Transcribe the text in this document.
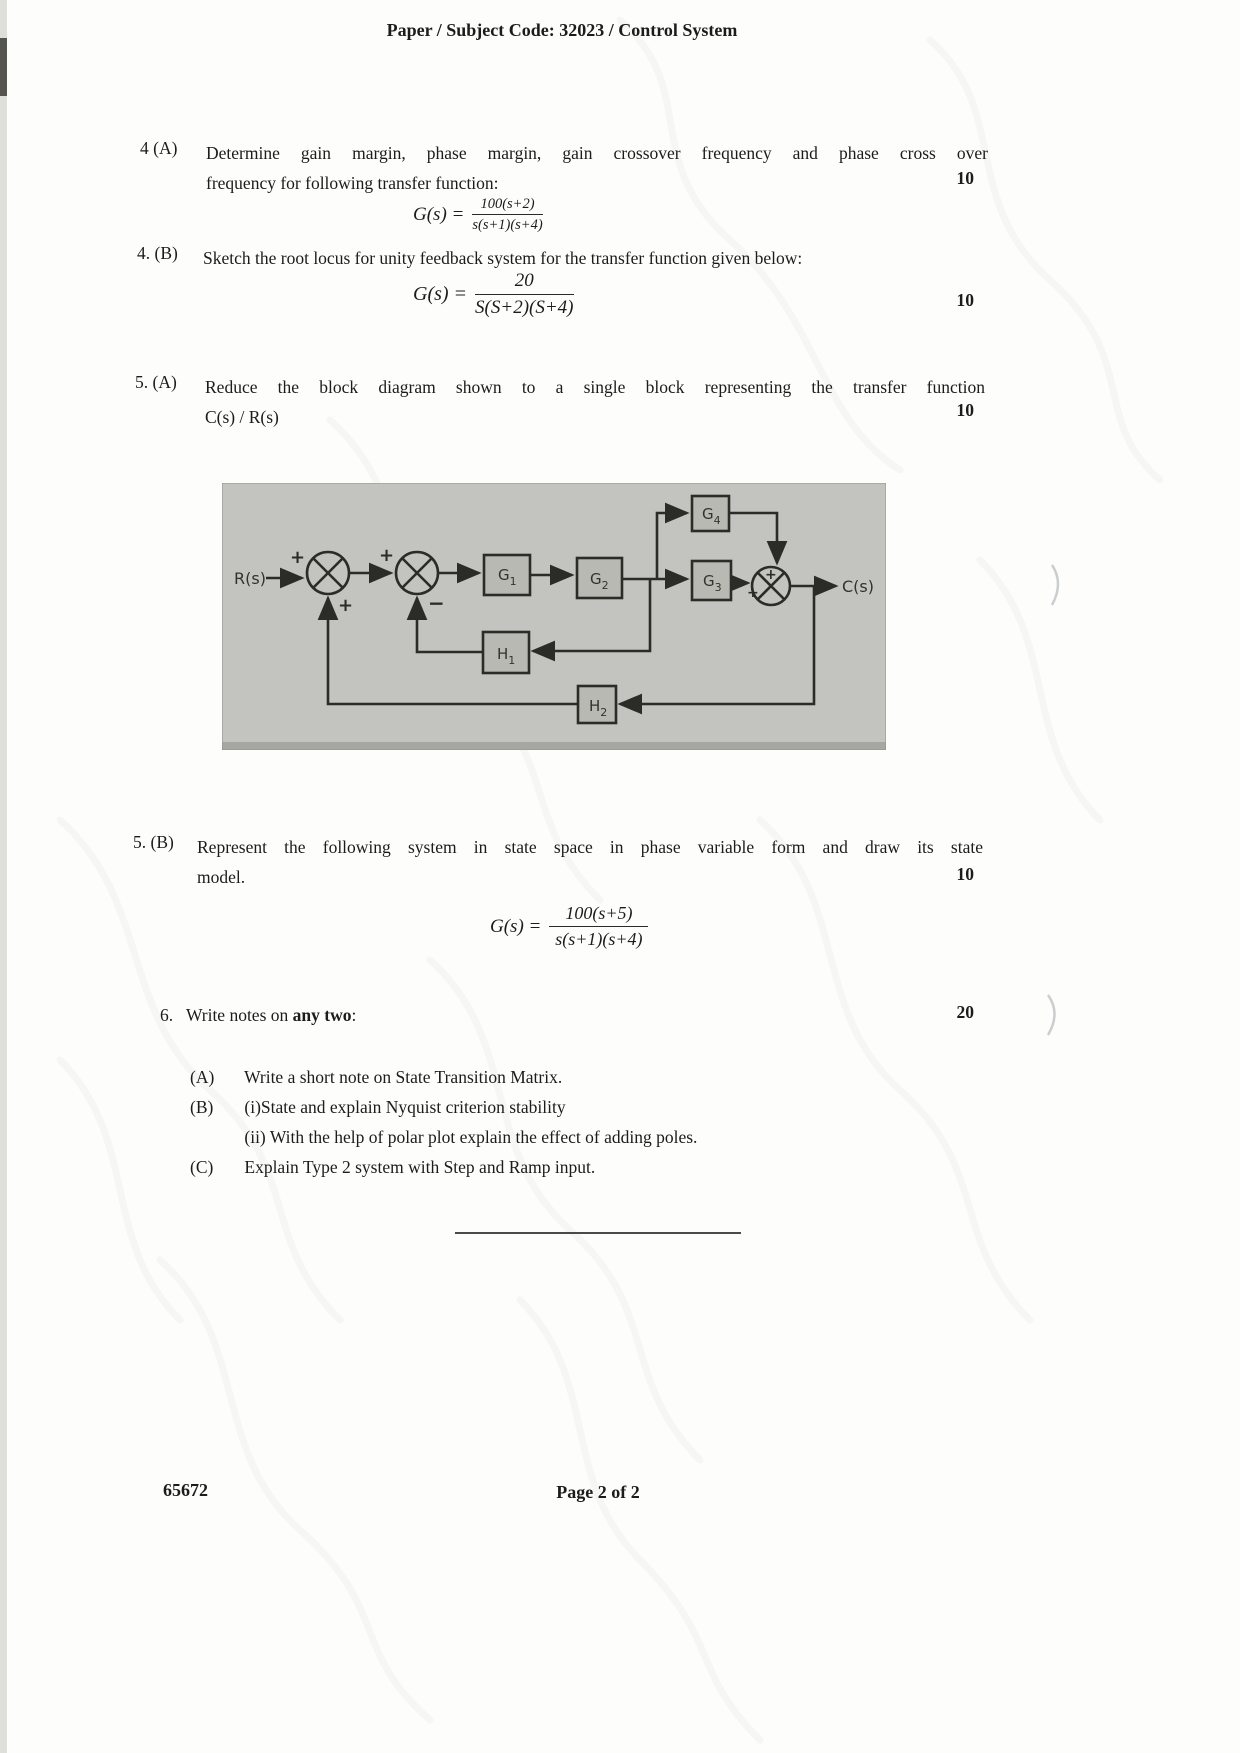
Paper / Subject Code: 32023 / Control System
4 (A)	Determine gain margin, phase margin, gain crossover frequency and phase cross over
frequency for following transfer function:	10
$G(s) = \frac{100(s+2)}{s(s+1)(s+4)}$
4. (B)	Sketch the root locus for unity feedback system for the transfer function given below:
10
$G(s) = \frac{20}{S(S+2)(S+4)}$
5. (A)	Reduce the block diagram shown to a single block representing the transfer function
C(s) / R(s)	10
R(s)	C(s)
$G_1$	$G_2$	$G_3$
$G_4$
$H_1$
$H_2$
+
+
+
−	+
+
5. (B)	Represent the following system in state space in phase variable form and draw its state
model.	10
$G(s) = \frac{100(s+5)}{s(s+1)(s+4)}$
6. Write notes on any two:	20
(A) Write a short note on State Transition Matrix.
(B) (i)State and explain Nyquist criterion stability
(ii) With the help of polar plot explain the effect of adding poles.
(C) Explain Type 2 system with Step and Ramp input.
65672	Page 2 of 2
